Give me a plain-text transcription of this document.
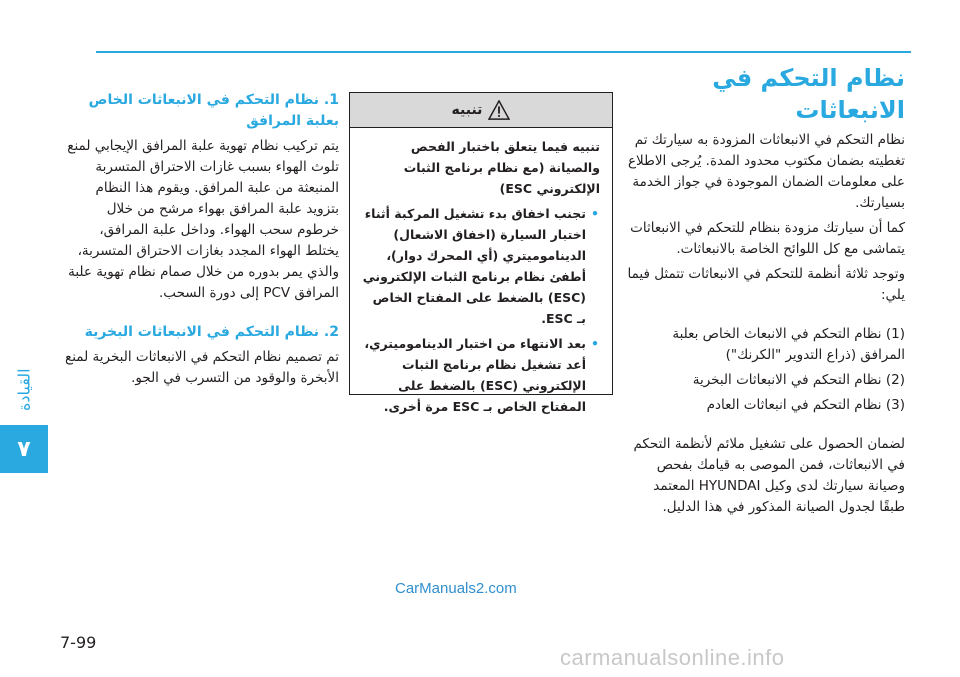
القيادة
٧
7-99
CarManuals2.com
carmanualsonline.info
نظام التحكم في الانبعاثات

نظام التحكم في الانبعاثات المزودة به سيارتك تم تغطيته بضمان مكتوب محدود المدة. يُرجى الاطلاع على معلومات الضمان الموجودة في جواز الخدمة بسيارتك.

كما أن سيارتك مزودة بنظام للتحكم في الانبعاثات يتماشى مع كل اللوائح الخاصة بالانبعاثات.

وتوجد ثلاثة أنظمة للتحكم في الانبعاثات تتمثل فيما يلي:

(1) نظام التحكم في الانبعاث الخاص بعلبة المرافق (ذراع التدوير "الكرنك")

(2) نظام التحكم في الانبعاثات البخرية

(3) نظام التحكم في انبعاثات العادم

لضمان الحصول على تشغيل ملائم لأنظمة التحكم في الانبعاثات، فمن الموصى به قيامك بفحص وصيانة سيارتك لدى وكيل HYUNDAI المعتمد طبقًا لجدول الصيانة المذكور في هذا الدليل.

تنبيه

تنبيه فيما يتعلق باختبار الفحص والصيانة (مع نظام برنامج الثبات الإلكتروني ESC)

• تجنب اخفاق بدء تشغيل المركبة أثناء اختبار السيارة (اخفاق الاشعال) الديناموميتري (أي المحرك دوار)، أطفئ نظام برنامج الثبات الإلكتروني (ESC) بالضغط على المفتاح الخاص بـ ESC.
• بعد الانتهاء من اختبار الديناموميتري، أعد تشغيل نظام برنامج الثبات الإلكتروني (ESC) بالضغط على المفتاح الخاص بـ ESC مرة أخرى.

1. نظام التحكم في الانبعاثات الخاص بعلبة المرافق

يتم تركيب نظام تهوية علبة المرافق الإيجابي لمنع تلوث الهواء بسبب غازات الاحتراق المتسربة المنبعثة من علبة المرافق. ويقوم هذا النظام بتزويد علبة المرافق بهواء مرشح من خلال خرطوم سحب الهواء. وداخل علبة المرافق، يختلط الهواء المجدد بغازات الاحتراق المتسربة، والذي يمر بدوره من خلال صمام نظام تهوية علبة المرافق PCV إلى دورة السحب.

2. نظام التحكم في الانبعاثات البخرية

تم تصميم نظام التحكم في الانبعاثات البخرية لمنع الأبخرة والوقود من التسرب في الجو.
